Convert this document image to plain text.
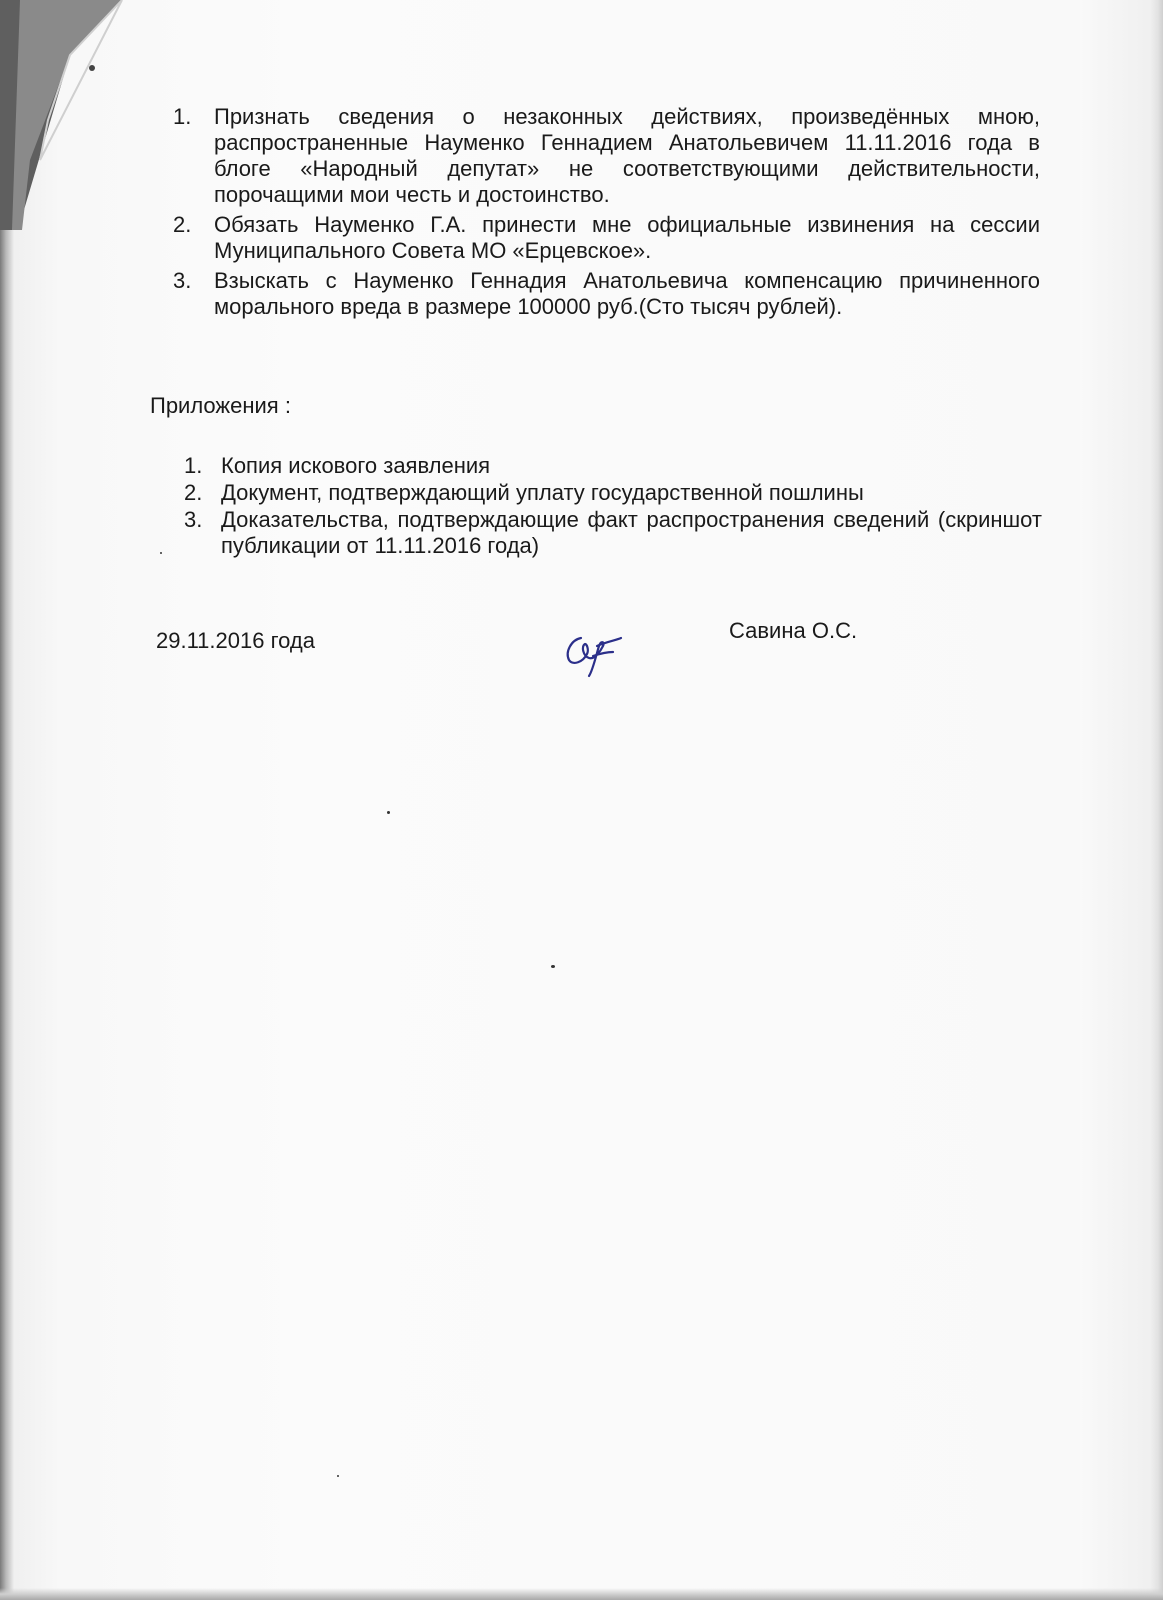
1. Признать сведения о незаконных действиях, произведённых мною, распространенные Науменко Геннадием Анатольевичем 11.11.2016 года в блоге «Народный депутат» не соответствующими действительности, порочащими мои честь и достоинство.
2. Обязать Науменко Г.А. принести мне официальные извинения на сессии Муниципального Совета МО «Ерцевское».
3. Взыскать с Науменко Геннадия Анатольевича компенсацию причиненного морального вреда в размере 100000 руб.(Сто тысяч рублей).
Приложения :
1. Копия искового заявления
2. Документ, подтверждающий уплату государственной пошлины
3. Доказательства, подтверждающие факт распространения сведений (скриншот публикации от 11.11.2016 года)
29.11.2016 года	Савина О.С.
